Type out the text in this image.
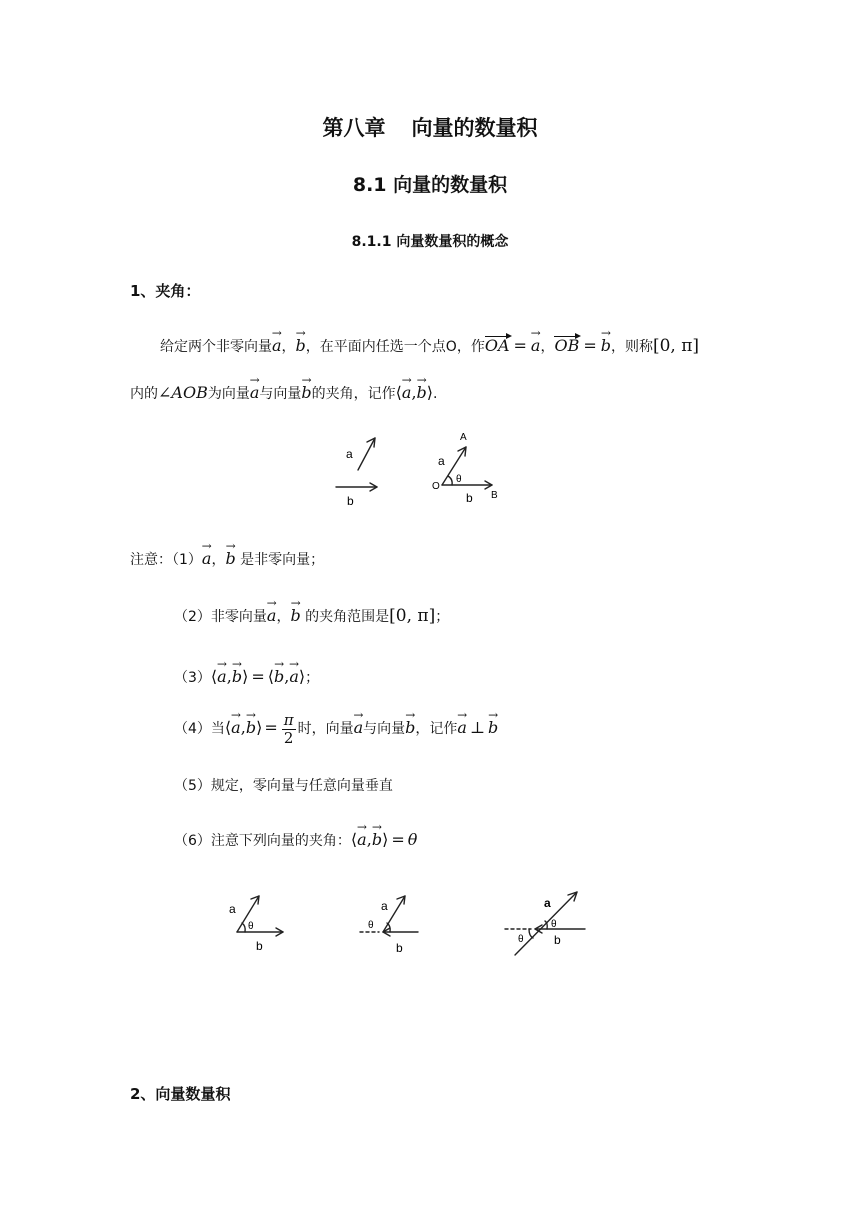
第八章 向量的数量积
8.1 向量的数量积
8.1.1 向量数量积的概念
1、夹角：
给定两个非零向量a →，b →，在平面内任选一个点O，作OA = a →，OB = b →，则称[0, π]
内的∠AOB为向量a →与向量b →的夹角，记作⟨a →,b →⟩.
a
b
A
a
O
θ
b B
注意：（1）a →，b → 是非零向量；
（2）非零向量a →，b → 的夹角范围是[0, π]；
（3）⟨a →,b →⟩ = ⟨b →,a →⟩；
（4）当⟨a →,b →⟩ = $\frac{\pi}{2}$ 时，向量a →与向量b →，记作a → ⊥ b →
（5）规定，零向量与任意向量垂直
（6）注意下列向量的夹角：⟨a →,b →⟩ = θ
a
θ
b
θ
a
b
a
θ
θ	b
2、向量数量积
